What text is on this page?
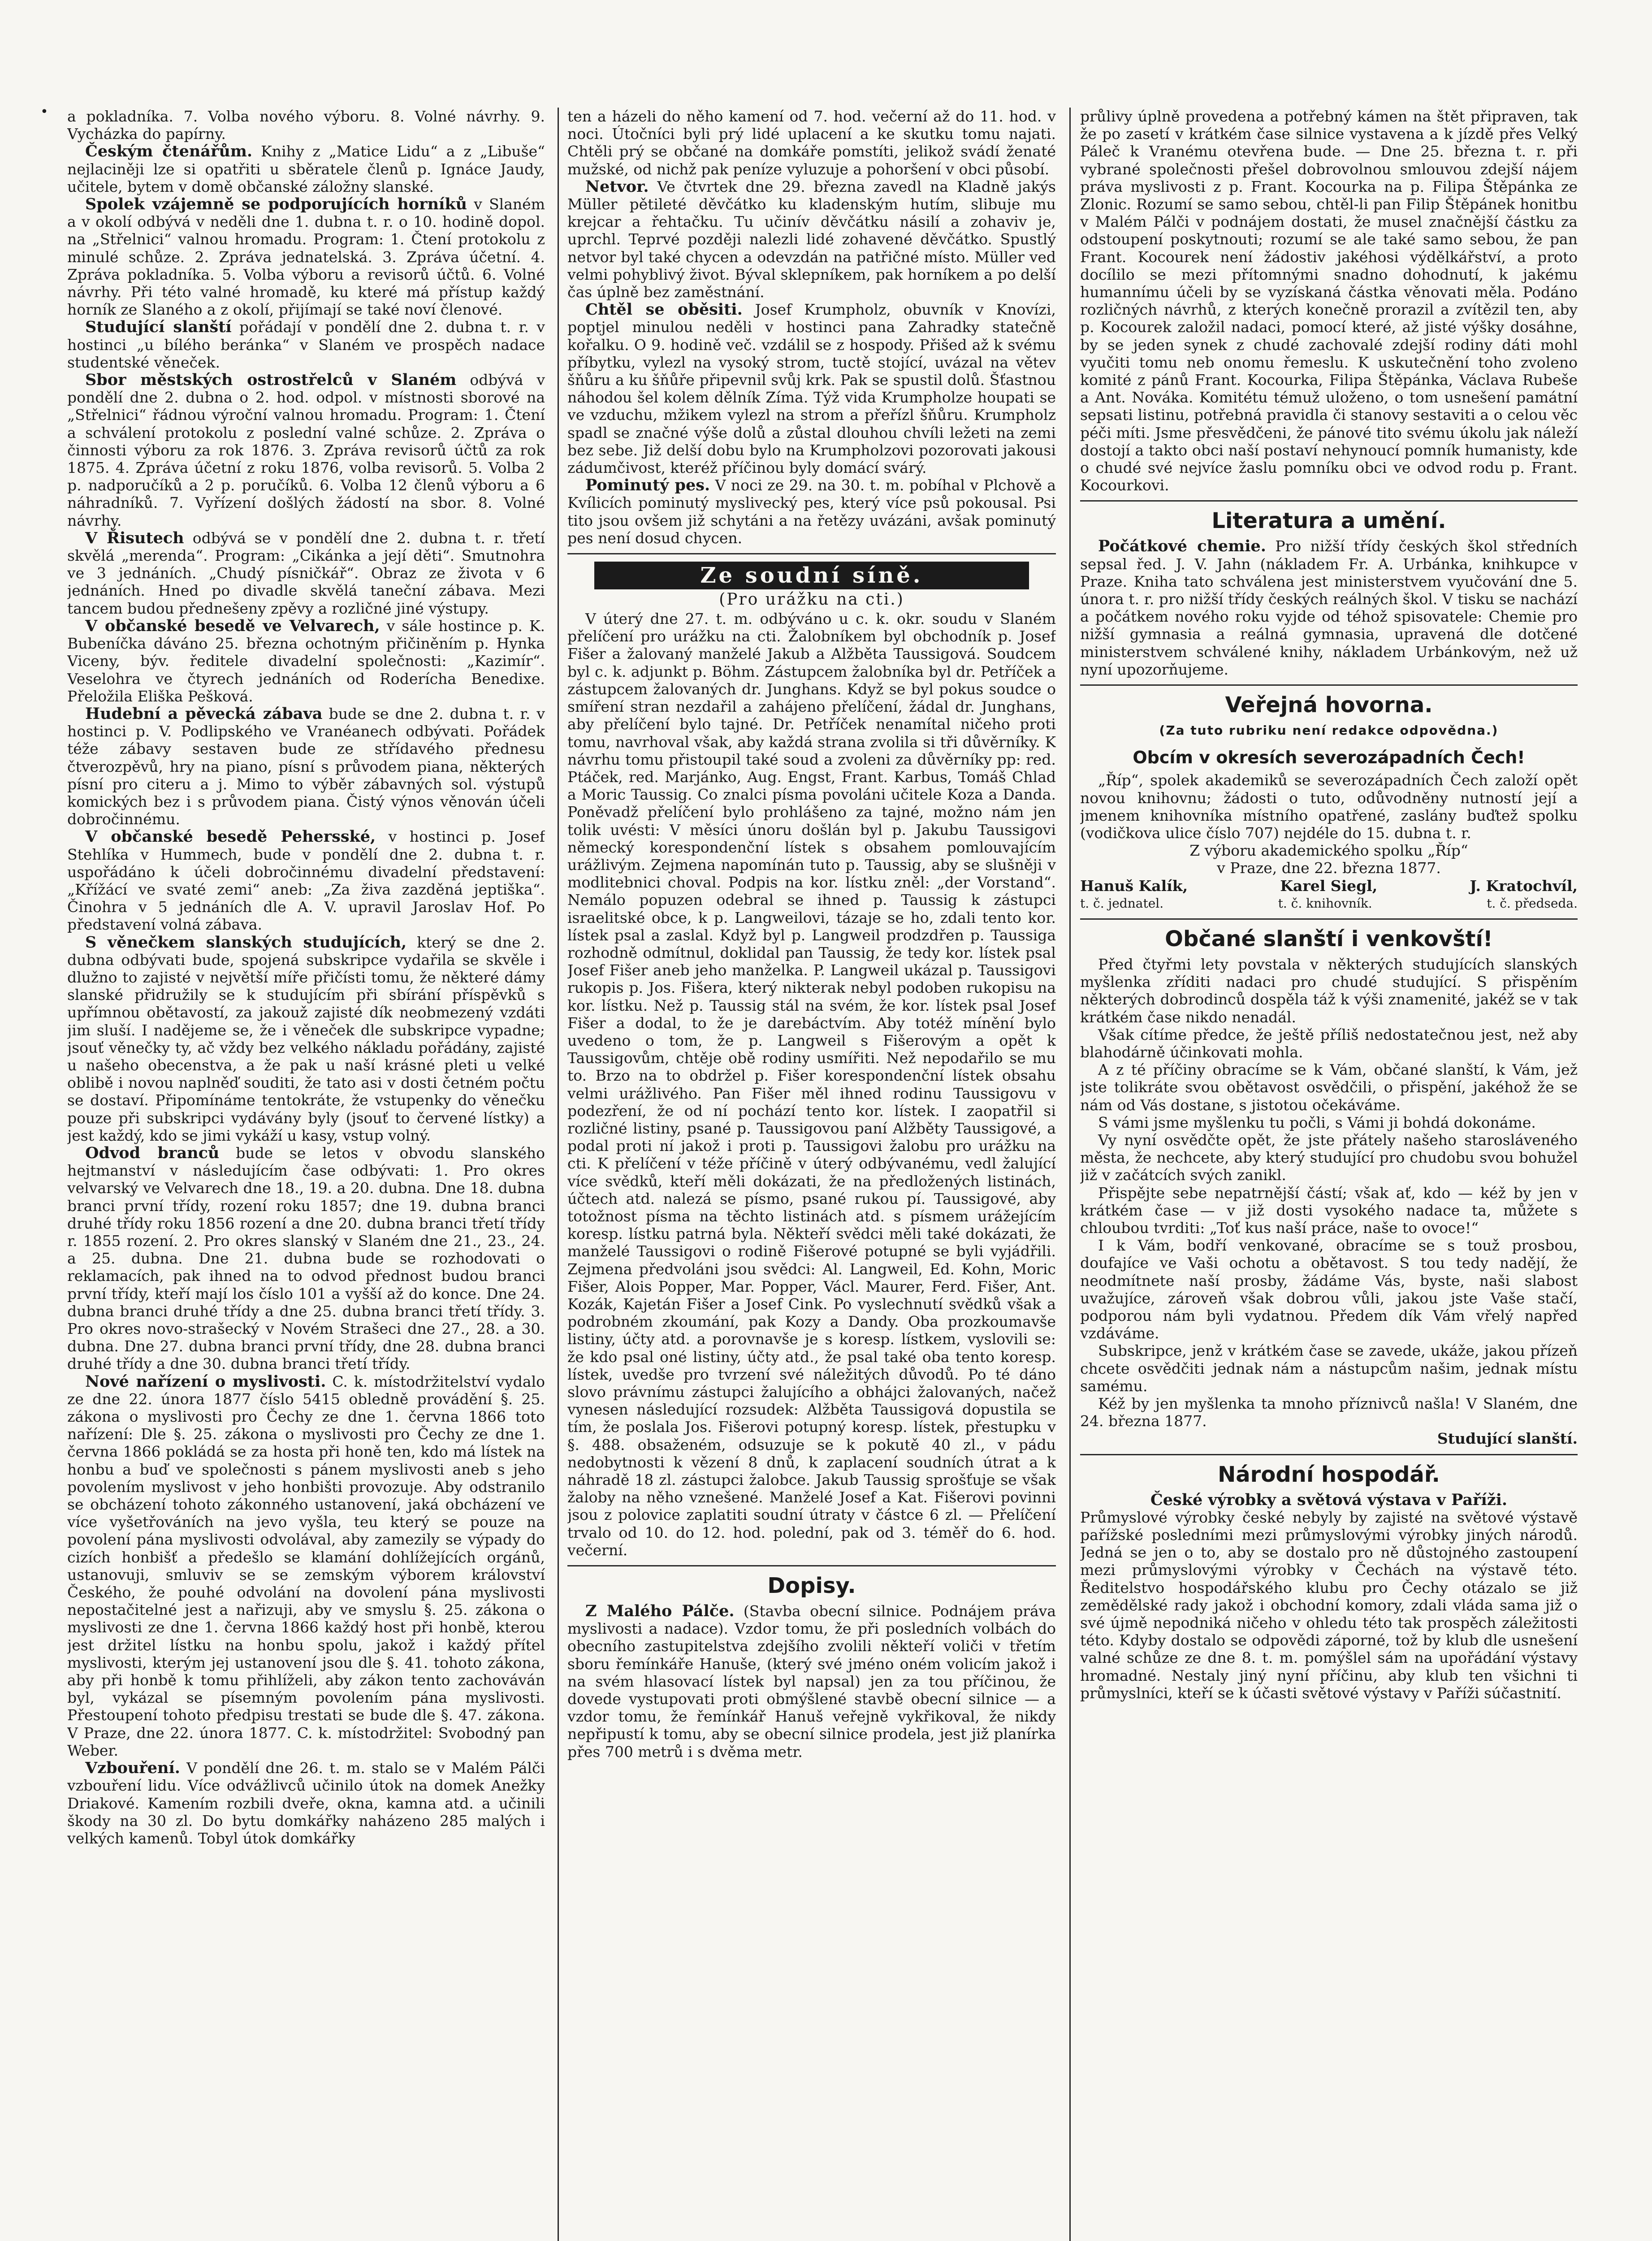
• a pokladníka. 7. Volba nového výboru. 8. Volné návrhy. 9. Vycházka do papírny.

Českým čtenářům. Knihy z „Matice Lidu“ a z „Libuše“ nejlaciněji lze si opatřiti u sběratele členů p. Ignáce Jaudy, učitele, bytem v domě občanské záložny slanské.

Spolek vzájemně se podporujících horníků v Slaném a v okolí odbývá v neděli dne 1. dubna t. r. o 10. hodině dopol. na „Střelnici“ valnou hromadu. Program: 1. Čtení protokolu z minulé schůze. 2. Zpráva jednatelská. 3. Zpráva účetní. 4. Zpráva pokladníka. 5. Volba výboru a revisorů účtů. 6. Volné návrhy. Při této valné hromadě, ku které má přístup každý horník ze Slaného a z okolí, přijímají se také noví členové.

Studující slanští pořádají v pondělí dne 2. dubna t. r. v hostinci „u bílého beránka“ v Slaném ve prospěch nadace studentské věneček.

Sbor městských ostrostřelců v Slaném odbývá v pondělí dne 2. dubna o 2. hod. odpol. v místnosti sborové na „Střelnici“ řádnou výroční valnou hromadu. Program: 1. Čtení a schválení protokolu z poslední valné schůze. 2. Zpráva o činnosti výboru za rok 1876. 3. Zpráva revisorů účtů za rok 1875. 4. Zpráva účetní z roku 1876, volba revisorů. 5. Volba 2 p. nadporučíků a 2 p. poručíků. 6. Volba 12 členů výboru a 6 náhradníků. 7. Vyřízení došlých žádostí na sbor. 8. Volné návrhy.

V Řisutech odbývá se v pondělí dne 2. dubna t. r. třetí skvělá „merenda“. Program: „Cikánka a její děti“. Smutnohra ve 3 jednáních. „Chudý písničkář“. Obraz ze života v 6 jednáních. Hned po divadle skvělá taneční zábava. Mezi tancem budou přednešeny zpěvy a rozličné jiné výstupy.

V občanské besedě ve Velvarech, v sále hostince p. K. Bubeníčka dáváno 25. března ochotným přičiněním p. Hynka Viceny, býv. ředitele divadelní společnosti: „Kazimír“. Veselohra ve čtyrech jednáních od Roderícha Benedixe. Přeložila Eliška Pešková.

Hudební a pěvecká zábava bude se dne 2. dubna t. r. v hostinci p. V. Podlipského ve Vranéanech odbývati. Pořádek téže zábavy sestaven bude ze střídavého přednesu čtverozpěvů, hry na piano, písní s průvodem piana, některých písní pro citeru a j. Mimo to výběr zábavných sol. výstupů komických bez i s průvodem piana. Čistý výnos věnován účeli dobročinnému.

V občanské besedě Pehersské, v hostinci p. Josef Stehlíka v Hummech, bude v pondělí dne 2. dubna t. r. uspořádáno k účeli dobročinnému divadelní představení: „Křížácí ve svaté zemi“ aneb: „Za živa zazděná jeptiška“. Činohra v 5 jednáních dle A. V. upravil Jaroslav Hof. Po představení volná zábava.

S věnečkem slanských studujících, který se dne 2. dubna odbývati bude, spojená subskripce vydařila se skvěle i dlužno to zajisté v největší míře přičísti tomu, že některé dámy slanské přidružily se k studujícím při sbírání příspěvků s upřímnou obětavostí, za jakouž zajisté dík neobmezený vzdáti jim sluší. I nadějeme se, že i věneček dle subskripce vypadne; jsouť věnečky ty, ač vždy bez velkého nákladu pořádány, zajisté u našeho obecenstva, a že pak u naší krásné pleti u velké oblibě i novou naplněď souditi, že tato asi v dosti četném počtu se dostaví. Připomínáme tentokráte, že vstupenky do věnečku pouze při subskripci vydávány byly (jsouť to červené lístky) a jest každý, kdo se jimi vykáží u kasy, vstup volný.

Odvod branců bude se letos v obvodu slanského hejtmanství v následujícím čase odbývati: 1. Pro okres velvarský ve Velvarech dne 18., 19. a 20. dubna. Dne 18. dubna branci první třídy, rození roku 1857; dne 19. dubna branci druhé třídy roku 1856 rození a dne 20. dubna branci třetí třídy r. 1855 rození. 2. Pro okres slanský v Slaném dne 21., 23., 24. a 25. dubna. Dne 21. dubna bude se rozhodovati o reklamacích, pak ihned na to odvod přednost budou branci první třídy, kteří mají los číslo 101 a vyšší až do konce. Dne 24. dubna branci druhé třídy a dne 25. dubna branci třetí třídy. 3. Pro okres novo-strašecký v Novém Strašeci dne 27., 28. a 30. dubna. Dne 27. dubna branci první třídy, dne 28. dubna branci druhé třídy a dne 30. dubna branci třetí třídy.

Nové nařízení o myslivosti. C. k. místodržitelství vydalo ze dne 22. února 1877 číslo 5415 obledně provádění §. 25. zákona o myslivosti pro Čechy ze dne 1. června 1866 toto nařízení: Dle §. 25. zákona o myslivosti pro Čechy ze dne 1. června 1866 pokládá se za hosta při honě ten, kdo má lístek na honbu a buď ve společnosti s pánem myslivosti aneb s jeho povolením myslivost v jeho honbišti provozuje. Aby odstranilo se obcházení tohoto zákonného ustanovení, jaká obcházení ve více vyšetřováních na jevo vyšla, teu který se pouze na povolení pána myslivosti odvolával, aby zamezily se výpady do cizích honbišť a předešlo se klamání dohlížejících orgánů, ustanovuji, smluviv se se zemským výborem království Českého, že pouhé odvolání na dovolení pána myslivosti nepostačitelné jest a nařizuji, aby ve smyslu §. 25. zákona o myslivosti ze dne 1. června 1866 každý host při honbě, kterou jest držitel lístku na honbu spolu, jakož i každý přítel myslivosti, kterým jej ustanovení jsou dle §. 41. tohoto zákona, aby při honbě k tomu přihlíželi, aby zákon tento zachováván byl, vykázal se písemným povolením pána myslivosti. Přestoupení tohoto předpisu trestati se bude dle §. 47. zákona. V Praze, dne 22. února 1877. C. k. místodržitel: Svobodný pan Weber.

Vzbouření. V pondělí dne 26. t. m. stalo se v Malém Pálči vzbouření lidu. Více odvážlivců učinilo útok na domek Anežky Driakové. Kamením rozbili dveře, okna, kamna atd. a učinili škody na 30 zl. Do bytu domkářky naházeno 285 malých i velkých kamenů. Tobyl útok domkářky

ten a házeli do něho kamení od 7. hod. večerní až do 11. hod. v noci. Útočníci byli prý lidé uplacení a ke skutku tomu najati. Chtěli prý se občané na domkáře pomstíti, jelikož svádí ženaté mužské, od nichž pak peníze vyluzuje a pohoršení v obci působí.

Netvor. Ve čtvrtek dne 29. března zavedl na Kladně jakýs Müller pětileté děvčátko ku kladenským hutím, slibuje mu krejcar a řehtačku. Tu učinív děvčátku násilí a zohaviv je, uprchl. Teprvé později nalezli lidé zohavené děvčátko. Spustlý netvor byl také chycen a odevzdán na patřičné místo. Müller ved velmi pohyblivý život. Býval sklepníkem, pak horníkem a po delší čas úplně bez zaměstnání.

Chtěl se oběsiti. Josef Krumpholz, obuvník v Knovízi, poptjel minulou neděli v hostinci pana Zahradky statečně kořalku. O 9. hodině več. vzdálil se z hospody. Přišed až k svému příbytku, vylezl na vysoký strom, tuctě stojící, uvázal na větev šňůru a ku šňůře připevnil svůj krk. Pak se spustil dolů. Šťastnou náhodou šel kolem dělník Zíma. Týž vida Krumpholze houpati se ve vzduchu, mžikem vylezl na strom a přeřízl šňůru. Krumpholz spadl se značné výše dolů a zůstal dlouhou chvíli ležeti na zemi bez sebe. Již delší dobu bylo na Krumpholzovi pozorovati jakousi zádumčivost, kteréž příčinou byly domácí svárý.

Pominutý pes. V noci ze 29. na 30. t. m. pobíhal v Plchově a Kvílicích pominutý myslivecký pes, který více psů pokousal. Psi tito jsou ovšem již schytáni a na řetězy uvázáni, avšak pominutý pes není dosud chycen.

Ze soudní síně.
(Pro urážku na cti.)

V úterý dne 27. t. m. odbýváno u c. k. okr. soudu v Slaném přelíčení pro urážku na cti. Žalobníkem byl obchodník p. Josef Fišer a žalovaný manželé Jakub a Alžběta Taussigová. Soudcem byl c. k. adjunkt p. Böhm. Zástupcem žalobníka byl dr. Petříček a zástupcem žalovaných dr. Junghans. Když se byl pokus soudce o smíření stran nezdařil a zahájeno přelíčení, žádal dr. Junghans, aby přelíčení bylo tajné. Dr. Petříček nenamítal ničeho proti tomu, navrhoval však, aby každá strana zvolila si tři důvěrníky. K návrhu tomu přistoupil také soud a zvoleni za důvěrníky pp: red. Ptáček, red. Marjánko, Aug. Engst, Frant. Karbus, Tomáš Chlad a Moric Taussig. Co znalci písma povoláni učitele Koza a Danda. Poněvadž přelíčení bylo prohlášeno za tajné, možno nám jen tolik uvésti: V měsíci únoru došlán byl p. Jakubu Taussigovi německý korespondenční lístek s obsahem pomlouvajícím urážlivým. Zejmena napomínán tuto p. Taussig, aby se slušněji v modlitebnici choval. Podpis na kor. lístku zněl: „der Vorstand“. Nemálo popuzen odebral se ihned p. Taussig k zástupci israelitské obce, k p. Langweilovi, tázaje se ho, zdali tento kor. lístek psal a zaslal. Když byl p. Langweil prodzdřen p. Taussiga rozhodně odmítnul, doklidal pan Taussig, že tedy kor. lístek psal Josef Fišer aneb jeho manželka. P. Langweil ukázal p. Taussigovi rukopis p. Jos. Fišera, který nikterak nebyl podoben rukopisu na kor. lístku. Než p. Taussig stál na svém, že kor. lístek psal Josef Fišer a dodal, to že je darebáctvím. Aby totéž mínění bylo uvedeno o tom, že p. Langweil s Fišerovým a opět k Taussigovům, chtěje obě rodiny usmířiti. Než nepodařilo se mu to. Brzo na to obdržel p. Fišer korespondenční lístek obsahu velmi urážlivého. Pan Fišer měl ihned rodinu Taussigovu v podezření, že od ní pochází tento kor. lístek. I zaopatřil si rozličné listiny, psané p. Taussigovou paní Alžběty Taussigové, a podal proti ní jakož i proti p. Taussigovi žalobu pro urážku na cti. K přelíčení v téže příčině v úterý odbývanému, vedl žalující více svědků, kteří měli dokázati, že na předložených listinách, účtech atd. nalezá se písmo, psané rukou pí. Taussigové, aby totožnost písma na těchto listinách atd. s písmem urážejícím koresp. lístku patrná byla. Někteří svědci měli také dokázati, že manželé Taussigovi o rodině Fišerové potupné se byli vyjádřili. Zejmena předvoláni jsou svědci: Al. Langweil, Ed. Kohn, Moric Fišer, Alois Popper, Mar. Popper, Václ. Maurer, Ferd. Fišer, Ant. Kozák, Kajetán Fišer a Josef Cink. Po vyslechnutí svědků však a podrobném zkoumání, pak Kozy a Dandy. Oba prozkoumavše listiny, účty atd. a porovnavše je s koresp. lístkem, vyslovili se: že kdo psal oné listiny, účty atd., že psal také oba tento koresp. lístek, uvedše pro tvrzení své náležitých důvodů. Po té dáno slovo právnímu zástupci žalujícího a obhájci žalovaných, načež vynesen následující rozsudek: Alžběta Taussigová dopustila se tím, že poslala Jos. Fišerovi potupný koresp. lístek, přestupku v §. 488. obsaženém, odsuzuje se k pokutě 40 zl., v pádu nedobytnosti k vězení 8 dnů, k zaplacení soudních útrat a k náhradě 18 zl. zástupci žalobce. Jakub Taussig sprošťuje se však žaloby na něho vznešené. Manželé Josef a Kat. Fišerovi povinni jsou z polovice zaplatiti soudní útraty v částce 6 zl. — Přelíčení trvalo od 10. do 12. hod. polední, pak od 3. téměř do 6. hod. večerní.

Dopisy.

Z Malého Pálče. (Stavba obecní silnice. Podnájem práva myslivosti a nadace). Vzdor tomu, že při posledních volbách do obecního zastupitelstva zdejšího zvolili někteří voliči v třetím sboru řemínkáře Hanuše, (který své jméno oném volicím jakož i na svém hlasovací lístek byl napsal) jen za tou příčinou, že dovede vystupovati proti obmýšlené stavbě obecní silnice — a vzdor tomu, že řemínkář Hanuš veřejně vykřikoval, že nikdy nepřipustí k tomu, aby se obecní silnice prodela, jest již planírka přes 700 metrů i s dvěma metr.

průlivy úplně provedena a potřebný kámen na štět připraven, tak že po zasetí v krátkém čase silnice vystavena a k jízdě přes Velký Páleč k Vranému otevřena bude. — Dne 25. března t. r. při vybrané společnosti přešel dobrovolnou smlouvou zdejší nájem práva myslivosti z p. Frant. Kocourka na p. Filipa Štěpánka ze Zlonic. Rozumí se samo sebou, chtěl-li pan Filip Štěpánek honitbu v Malém Pálči v podnájem dostati, že musel značnější částku za odstoupení poskytnouti; rozumí se ale také samo sebou, že pan Frant. Kocourek není žádostiv jakéhosi výdělkářství, a proto docílilo se mezi přítomnými snadno dohodnutí, k jakému humannímu účeli by se vyzískaná částka věnovati měla. Podáno rozličných návrhů, z kterých konečně prorazil a zvítězil ten, aby p. Kocourek založil nadaci, pomocí které, až jisté výšky dosáhne, by se jeden synek z chudé zachovalé zdejší rodiny dáti mohl vyučiti tomu neb onomu řemeslu. K uskutečnění toho zvoleno komité z pánů Frant. Kocourka, Filipa Štěpánka, Václava Rubeše a Ant. Nováka. Komitétu témuž uloženo, o tom usnešení památní sepsati listinu, potřebná pravidla či stanovy sestaviti a o celou věc péči míti. Jsme přesvědčeni, že pánové tito svému úkolu jak náleží dostojí a takto obci naší postaví nehynoucí pomník humanisty, kde o chudé své nejvíce žaslu pomníku obci ve odvod rodu p. Frant. Kocourkovi.

Literatura a umění.

Počátkové chemie. Pro nižší třídy českých škol středních sepsal řed. J. V. Jahn (nákladem Fr. A. Urbánka, knihkupce v Praze. Kniha tato schválena jest ministerstvem vyučování dne 5. února t. r. pro nižší třídy českých reálných škol. V tisku se nachází a počátkem nového roku vyjde od téhož spisovatele: Chemie pro nižší gymnasia a reálná gymnasia, upravená dle dotčené ministerstvem schválené knihy, nákladem Urbánkovým, než už nyní upozorňujeme.

Veřejná hovorna.
(Za tuto rubriku není redakce odpovědna.)
Obcím v okresích severozápadních Čech!

„Říp“, spolek akademiků se severozápadních Čech založí opět novou knihovnu; žádosti o tuto, odůvodněny nutností její a jmenem knihovníka místního opatřené, zaslány buďtež spolku (vodičkova ulice číslo 707) nejdéle do 15. dubna t. r.

Z výboru akademického spolku „Říp“

v Praze, dne 22. března 1877.

Hanuš Kalík,	Karel Siegl,	J. Kratochvíl,
t. č. jednatel.	t. č. knihovník.	t. č. předseda.
Občané slanští i venkovští!

Před čtyřmi lety povstala v některých studujících slanských myšlenka zříditi nadaci pro chudé studující. S přispěním některých dobrodinců dospěla táž k výši znamenité, jakéž se v tak krátkém čase nikdo nenadál.

Však cítíme předce, že ještě příliš nedostatečnou jest, než aby blahodárně účinkovati mohla.

A z té příčiny obracíme se k Vám, občané slanští, k Vám, jež jste tolikráte svou obětavost osvědčili, o přispění, jakéhož že se nám od Vás dostane, s jistotou očekáváme.

S vámi jsme myšlenku tu počli, s Vámi ji bohdá dokonáme.

Vy nyní osvědčte opět, že jste přátely našeho starosláveného města, že nechcete, aby který studující pro chudobu svou bohužel již v začátcích svých zanikl.

Přispějte sebe nepatrnější částí; však ať, kdo — kéž by jen v krátkém čase — v již dosti vysokého nadace ta, můžete s chloubou tvrditi: „Toť kus naší práce, naše to ovoce!“

I k Vám, bodří venkované, obracíme se s touž prosbou, doufajíce ve Vaši ochotu a obětavost. S tou tedy nadějí, že neodmítnete naší prosby, žádáme Vás, byste, naši slabost uvažujíce, zároveň však dobrou vůli, jakou jste Vaše stačí, podporou nám byli vydatnou. Předem dík Vám vřelý napřed vzdáváme.

Subskripce, jenž v krátkém čase se zavede, ukáže, jakou přízeň chcete osvědčiti jednak nám a nástupcům našim, jednak místu samému.

Kéž by jen myšlenka ta mnoho příznivců našla! V Slaném, dne 24. března 1877.

Studující slanští.

Národní hospodář.

České výrobky a světová výstava v Paříži.

Průmyslové výrobky české nebyly by zajisté na světové výstavě pařížské posledními mezi průmyslovými výrobky jiných národů. Jedná se jen o to, aby se dostalo pro ně důstojného zastoupení mezi průmyslovými výrobky v Čechách na výstavě této. Ředitelstvo hospodářského klubu pro Čechy otázalo se již zemědělské rady jakož i obchodní komory, zdali vláda sama již o své újmě nepodniká ničeho v ohledu této tak prospěch záležitosti této. Kdyby dostalo se odpovědi záporné, tož by klub dle usnešení valné schůze ze dne 8. t. m. pomýšlel sám na upořádání výstavy hromadné. Nestaly jiný nyní příčinu, aby klub ten všichni ti průmyslníci, kteří se k účasti světové výstavy v Paříži súčastnití.
